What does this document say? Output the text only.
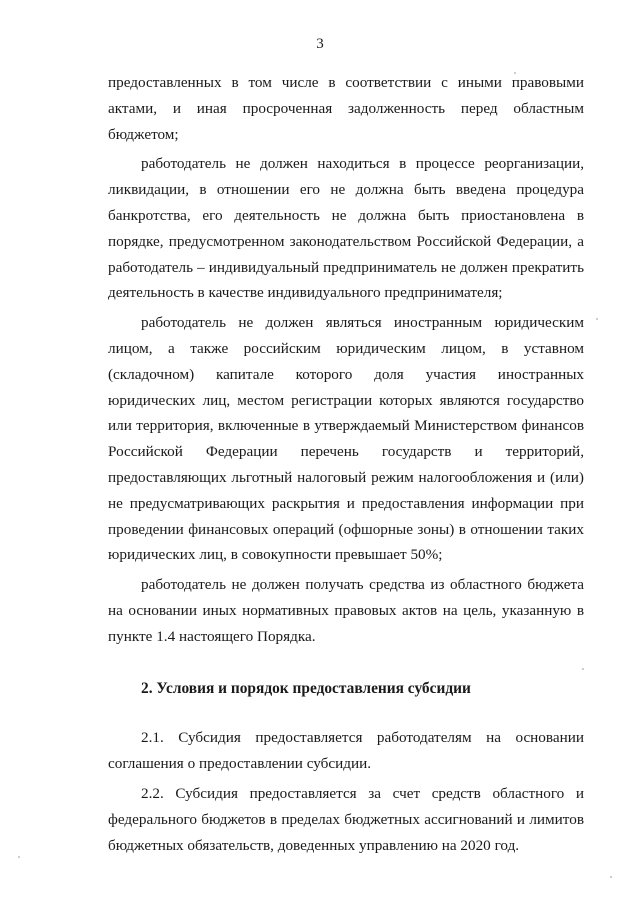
3

предоставленных в том числе в соответствии с иными правовыми актами, и иная просроченная задолженность перед областным бюджетом;

работодатель не должен находиться в процессе реорганизации, ликвидации, в отношении его не должна быть введена процедура банкротства, его деятельность не должна быть приостановлена в порядке, предусмотренном законодательством Российской Федерации, а работодатель – индивидуальный предприниматель не должен прекратить деятельность в качестве индивидуального предпринимателя;

работодатель не должен являться иностранным юридическим лицом, а также российским юридическим лицом, в уставном (складочном) капитале которого доля участия иностранных юридических лиц, местом регистрации которых являются государство или территория, включенные в утверждаемый Министерством финансов Российской Федерации перечень государств и территорий, предоставляющих льготный налоговый режим налогообложения и (или) не предусматривающих раскрытия и предоставления информации при проведении финансовых операций (офшорные зоны) в отношении таких юридических лиц, в совокупности превышает 50%;

работодатель не должен получать средства из областного бюджета на основании иных нормативных правовых актов на цель, указанную в пункте 1.4 настоящего Порядка.

2. Условия и порядок предоставления субсидии

2.1. Субсидия предоставляется работодателям на основании соглашения о предоставлении субсидии.

2.2. Субсидия предоставляется за счет средств областного и федерального бюджетов в пределах бюджетных ассигнований и лимитов бюджетных обязательств, доведенных управлению на 2020 год.
